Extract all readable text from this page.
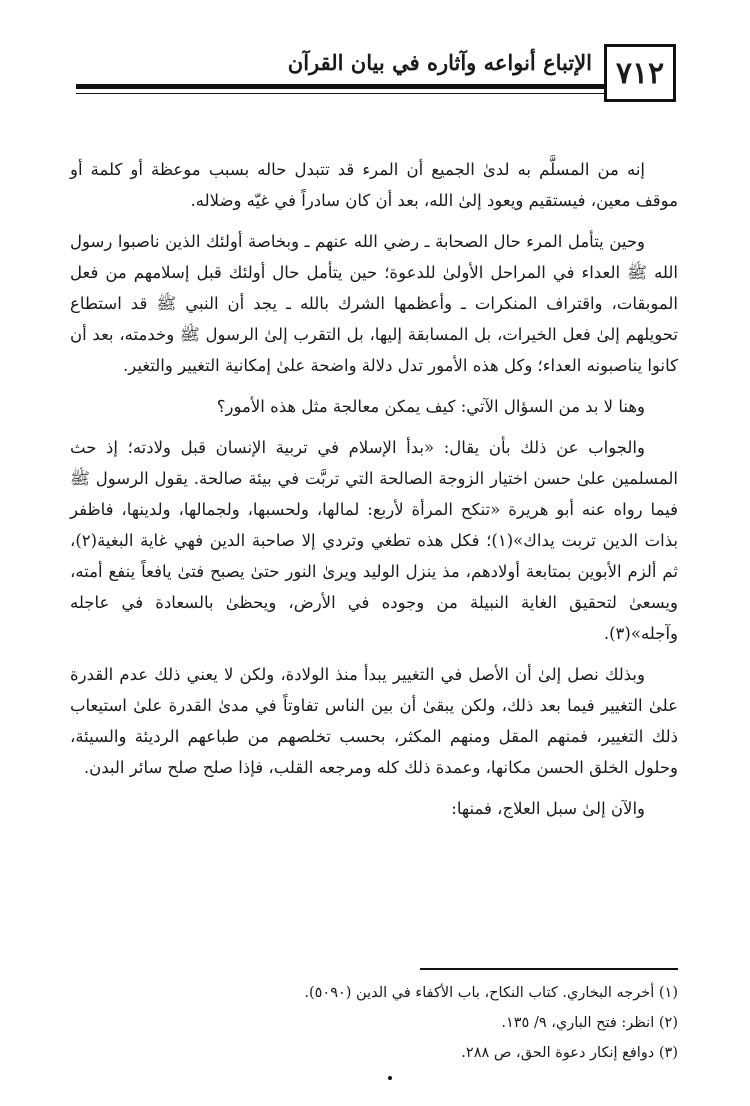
٧١٢
الإتباع أنواعه وآثاره في بيان القرآن

إنه من المسلَّم به لدىٰ الجميع أن المرء قد تتبدل حاله بسبب موعظة أو كلمة أو موقف معين، فيستقيم ويعود إلىٰ الله، بعد أن كان سادراً في غيّه وضلاله.

وحين يتأمل المرء حال الصحابة ـ رضي الله عنهم ـ وبخاصة أولئك الذين ناصبوا رسول الله ﷺ العداء في المراحل الأولىٰ للدعوة؛ حين يتأمل حال أولئك قبل إسلامهم من فعل الموبقات، واقتراف المنكرات ـ وأعظمها الشرك بالله ـ يجد أن النبي ﷺ قد استطاع تحويلهم إلىٰ فعل الخيرات، بل المسابقة إليها، بل التقرب إلىٰ الرسول ﷺ وخدمته، بعد أن كانوا يناصبونه العداء؛ وكل هذه الأمور تدل دلالة واضحة علىٰ إمكانية التغيير والتغير.

وهنا لا بد من السؤال الآتي: كيف يمكن معالجة مثل هذه الأمور؟

والجواب عن ذلك بأن يقال: «بدأ الإسلام في تربية الإنسان قبل ولادته؛ إذ حث المسلمين علىٰ حسن اختيار الزوجة الصالحة التي تربَّت في بيئة صالحة. يقول الرسول ﷺ فيما رواه عنه أبو هريرة «تنكح المرأة لأربع: لمالها، ولحسبها، ولجمالها، ولدينها، فاظفر بذات الدين تربت يداك»(١)؛ فكل هذه تطغي وتردي إلا صاحبة الدين فهي غاية البغية(٢)، ثم ألزم الأبوين بمتابعة أولادهم، مذ ينزل الوليد ويرىٰ النور حتىٰ يصبح فتىٰ يافعاً ينفع أمته، ويسعىٰ لتحقيق الغاية النبيلة من وجوده في الأرض، ويحظىٰ بالسعادة في عاجله وآجله»(٣).

وبذلك نصل إلىٰ أن الأصل في التغيير يبدأ منذ الولادة، ولكن لا يعني ذلك عدم القدرة علىٰ التغيير فيما بعد ذلك، ولكن يبقىٰ أن بين الناس تفاوتاً في مدىٰ القدرة علىٰ استيعاب ذلك التغيير، فمنهم المقل ومنهم المكثر، بحسب تخلصهم من طباعهم الرديئة والسيئة، وحلول الخلق الحسن مكانها، وعمدة ذلك كله ومرجعه القلب، فإذا صلح صلح سائر البدن.

والآن إلىٰ سبل العلاج، فمنها:

(١) أخرجه البخاري. كتاب النكاح، باب الأكفاء في الدين (٥٠٩٠).
(٢) انظر: فتح الباري، ٩/ ١٣٥.
(٣) دوافع إنكار دعوة الحق، ص ٢٨٨.
